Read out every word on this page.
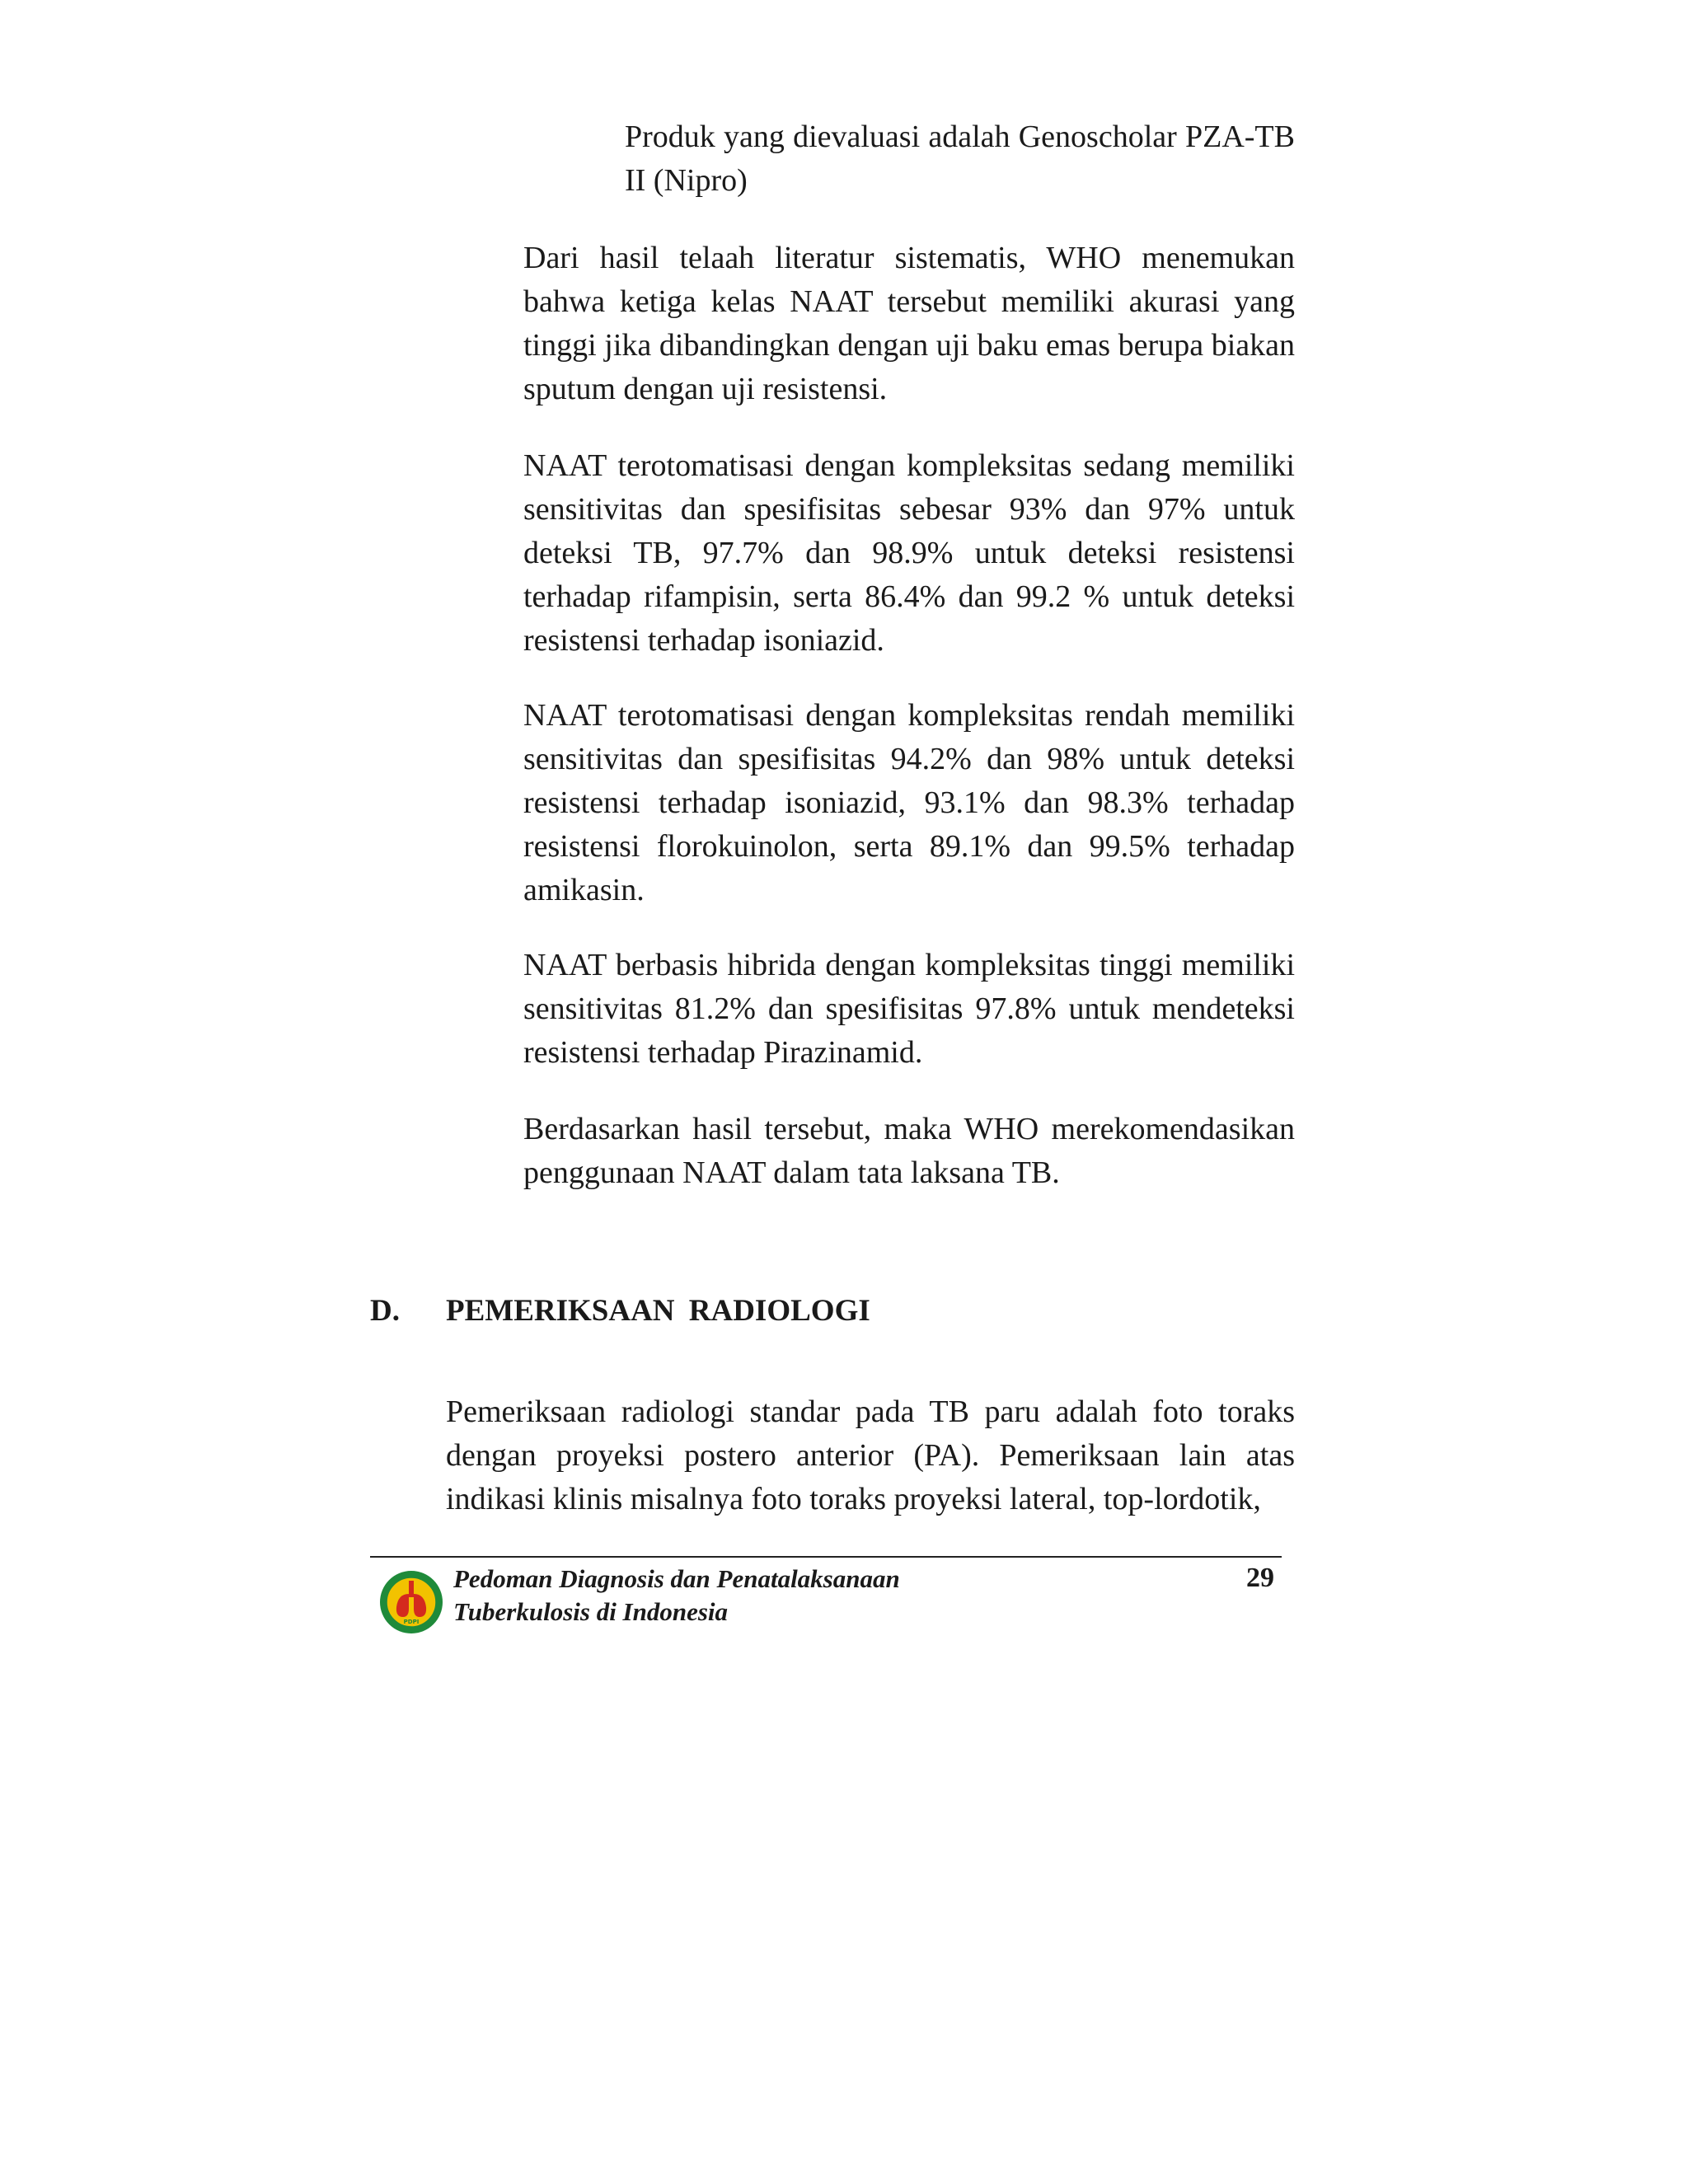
Produk yang dievaluasi adalah Genoscholar PZA-TB II (Nipro)

Dari hasil telaah literatur sistematis, WHO menemukan bahwa ketiga kelas NAAT tersebut memiliki akurasi yang tinggi jika dibandingkan dengan uji baku emas berupa biakan sputum dengan uji resistensi.

NAAT terotomatisasi dengan kompleksitas sedang memiliki sensitivitas dan spesifisitas sebesar 93% dan 97% untuk deteksi TB, 97.7% dan 98.9% untuk deteksi resistensi terhadap rifampisin, serta 86.4% dan 99.2 % untuk deteksi resistensi terhadap isoniazid.

NAAT terotomatisasi dengan kompleksitas rendah memiliki sensitivitas dan spesifisitas 94.2% dan 98% untuk deteksi resistensi terhadap isoniazid, 93.1% dan 98.3% terhadap resistensi florokuinolon, serta 89.1% dan 99.5% terhadap amikasin.

NAAT berbasis hibrida dengan kompleksitas tinggi memiliki sensitivitas 81.2% dan spesifisitas 97.8% untuk mendeteksi resistensi terhadap Pirazinamid.

Berdasarkan hasil tersebut, maka WHO merekomendasikan penggunaan NAAT dalam tata laksana TB.

D. PEMERIKSAAN RADIOLOGI

Pemeriksaan radiologi standar pada TB paru adalah foto toraks dengan proyeksi postero anterior (PA). Pemeriksaan lain atas indikasi klinis misalnya foto toraks proyeksi lateral, top-lordotik,

PDPI
Pedoman Diagnosis dan Penatalaksanaan
Tuberkulosis di Indonesia
29
